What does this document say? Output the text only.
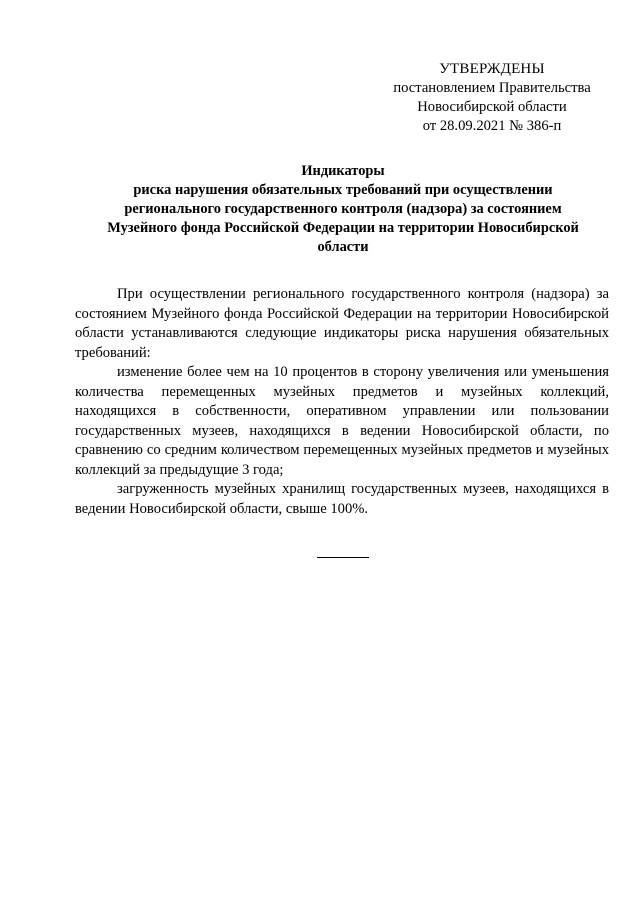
УТВЕРЖДЕНЫ
постановлением Правительства
Новосибирской области
от 28.09.2021 № 386-п
Индикаторы
риска нарушения обязательных требований при осуществлении
регионального государственного контроля (надзора) за состоянием
Музейного фонда Российской Федерации на территории Новосибирской
области

При осуществлении регионального государственного контроля (надзора) за состоянием Музейного фонда Российской Федерации на территории Новосибирской области устанавливаются следующие индикаторы риска нарушения обязательных требований:

изменение более чем на 10 процентов в сторону увеличения или уменьшения количества перемещенных музейных предметов и музейных коллекций, находящихся в собственности, оперативном управлении или пользовании государственных музеев, находящихся в ведении Новосибирской области, по сравнению со средним количеством перемещенных музейных предметов и музейных коллекций за предыдущие 3 года;

загруженность музейных хранилищ государственных музеев, находящихся в ведении Новосибирской области, свыше 100%.
